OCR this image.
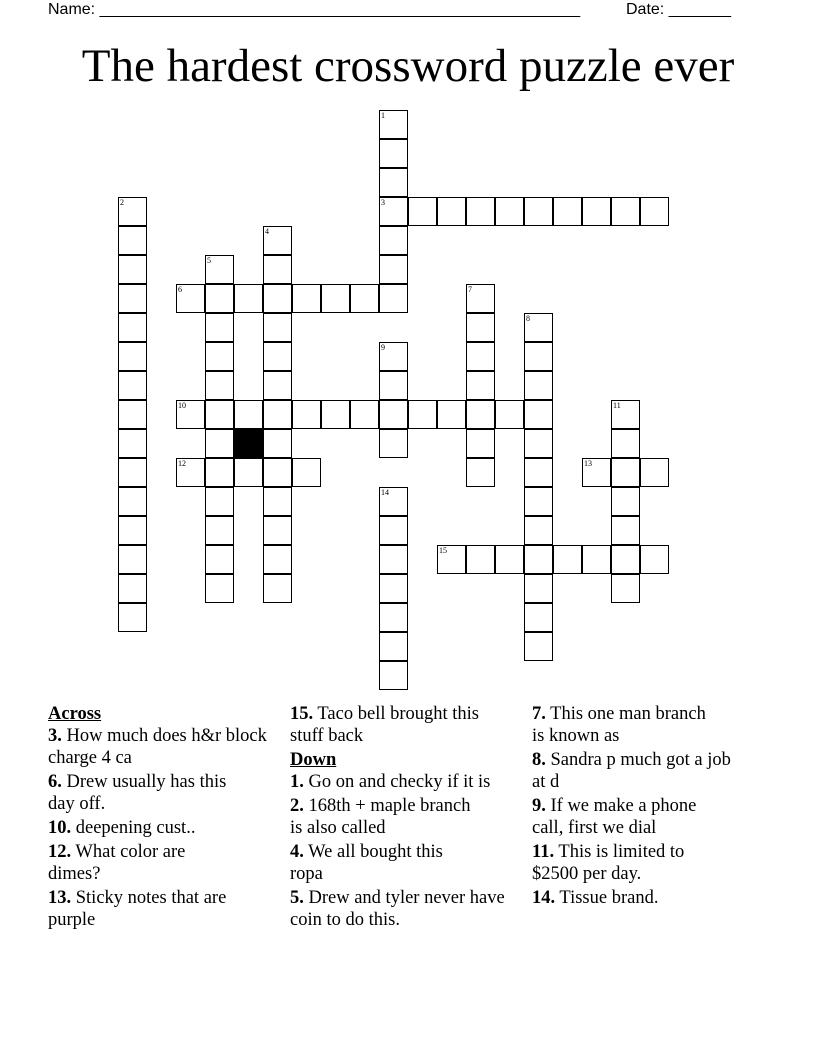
Name: ______________________________________________________	Date: _______
The hardest crossword puzzle ever
1
3
2
4
5
6	7
8
9
10	11
12	13
14
15
Across
3. How much does h&r block charge 4 ca
6. Drew usually has this day off.
10. deepening cust..
12. What color are dimes?
13. Sticky notes that are purple
15. Taco bell brought this stuff back
Down
1. Go on and checky if it is
2. 168th + maple branch is also called
4. We all bought this ropa
5. Drew and tyler never have coin to do this.
7. This one man branch is known as
8. Sandra p much got a job at d
9. If we make a phone call, first we dial
11. This is limited to $2500 per day.
14. Tissue brand.
